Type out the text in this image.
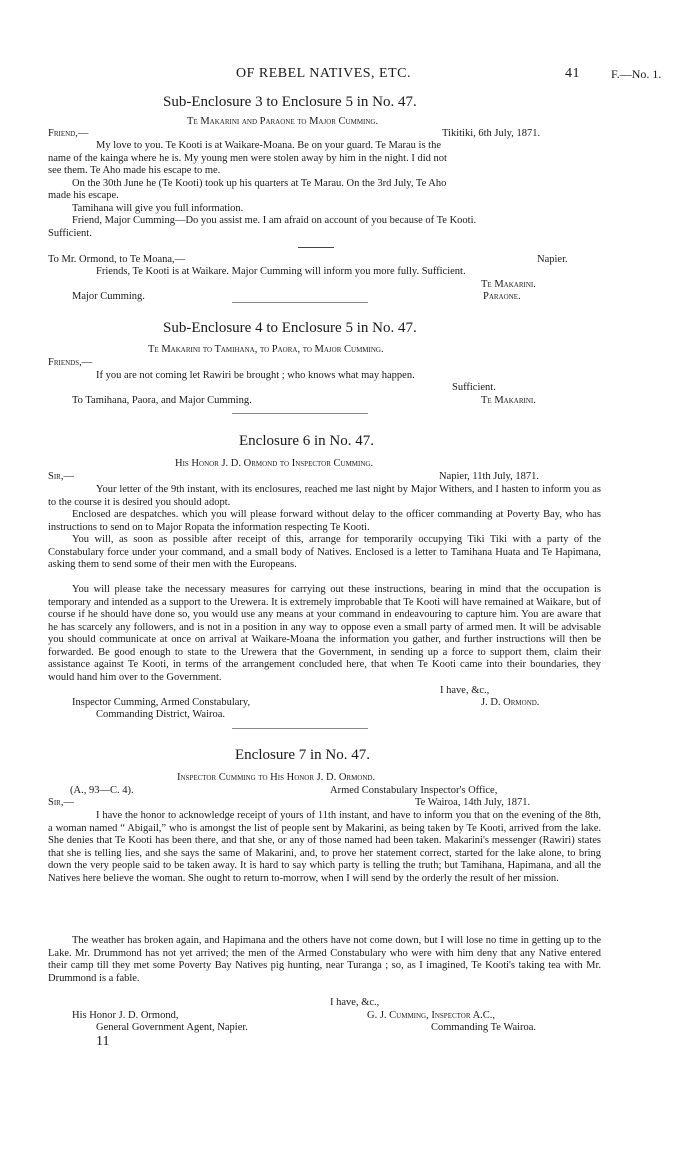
OF REBEL NATIVES, ETC.	41	F.—No. 1.
Sub-Enclosure 3 to Enclosure 5 in No. 47.
Te Makarini and Paraone to Major Cumming.
Friend,—	Tikitiki, 6th July, 1871.
My love to you. Te Kooti is at Waikare-Moana. Be on your guard. Te Marau is the
name of the kainga where he is. My young men were stolen away by him in the night. I did not
see them. Te Aho made his escape to me.
On the 30th June he (Te Kooti) took up his quarters at Te Marau. On the 3rd July, Te Aho
made his escape.
Tamihana will give you full information.
Friend, Major Cumming—Do you assist me. I am afraid on account of you because of Te Kooti.
Sufficient.
To Mr. Ormond, to Te Moana,—	Napier.
Friends, Te Kooti is at Waikare. Major Cumming will inform you more fully. Sufficient.
Te Makarini.
Major Cumming.	Paraone.
Sub-Enclosure 4 to Enclosure 5 in No. 47.
Te Makarini to Tamihana, to Paora, to Major Cumming.
Friends,—
If you are not coming let Rawiri be brought ; who knows what may happen.
Sufficient.
To Tamihana, Paora, and Major Cumming.	Te Makarini.
Enclosure 6 in No. 47.
His Honor J. D. Ormond to Inspector Cumming.
Sir,—	Napier, 11th July, 1871.
Your letter of the 9th instant, with its enclosures, reached me last night by Major Withers, and I hasten to inform you as to the course it is desired you should adopt.
Enclosed are despatches. which you will please forward without delay to the officer commanding at Poverty Bay, who has instructions to send on to Major Ropata the information respecting Te Kooti.
You will, as soon as possible after receipt of this, arrange for temporarily occupying Tiki Tiki with a party of the Constabulary force under your command, and a small body of Natives. Enclosed is a letter to Tamihana Huata and Te Hapimana, asking them to send some of their men with the Europeans.
You will please take the necessary measures for carrying out these instructions, bearing in mind that the occupation is temporary and intended as a support to the Urewera. It is extremely improbable that Te Kooti will have remained at Waikare, but of course if he should have done so, you would use any means at your command in endeavouring to capture him. You are aware that he has scarcely any followers, and is not in a position in any way to oppose even a small party of armed men. It will be advisable you should communicate at once on arrival at Waikare-Moana the information you gather, and further instructions will then be forwarded. Be good enough to state to the Urewera that the Government, in sending up a force to support them, claim their assistance against Te Kooti, in terms of the arrangement concluded here, that when Te Kooti came into their boundaries, they would hand him over to the Government.
I have, &c.,
Inspector Cumming, Armed Constabulary,	J. D. Ormond.
Commanding District, Wairoa.
Enclosure 7 in No. 47.
Inspector Cumming to His Honor J. D. Ormond.
(A., 93—C. 4).	Armed Constabulary Inspector's Office,
Sir,—	Te Wairoa, 14th July, 1871.
I have the honor to acknowledge receipt of yours of 11th instant, and have to inform you that on the evening of the 8th, a woman named “ Abigail,” who is amongst the list of people sent by Makarini, as being taken by Te Kooti, arrived from the lake. She denies that Te Kooti has been there, and that she, or any of those named had been taken. Makarini's messenger (Rawiri) states that she is telling lies, and she says the same of Makarini, and, to prove her statement correct, started for the lake alone, to bring down the very people said to be taken away. It is hard to say which party is telling the truth; but Tamihana, Hapimana, and all the Natives here believe the woman. She ought to return to-morrow, when I will send by the orderly the result of her mission.
The weather has broken again, and Hapimana and the others have not come down, but I will lose no time in getting up to the Lake. Mr. Drummond has not yet arrived; the men of the Armed Constabulary who were with him deny that any Native entered their camp till they met some Poverty Bay Natives pig hunting, near Turanga ; so, as I imagined, Te Kooti's taking tea with Mr. Drummond is a fable.
I have, &c.,
His Honor J. D. Ormond,	G. J. Cumming, Inspector A.C.,
General Government Agent, Napier.	Commanding Te Wairoa.
11
